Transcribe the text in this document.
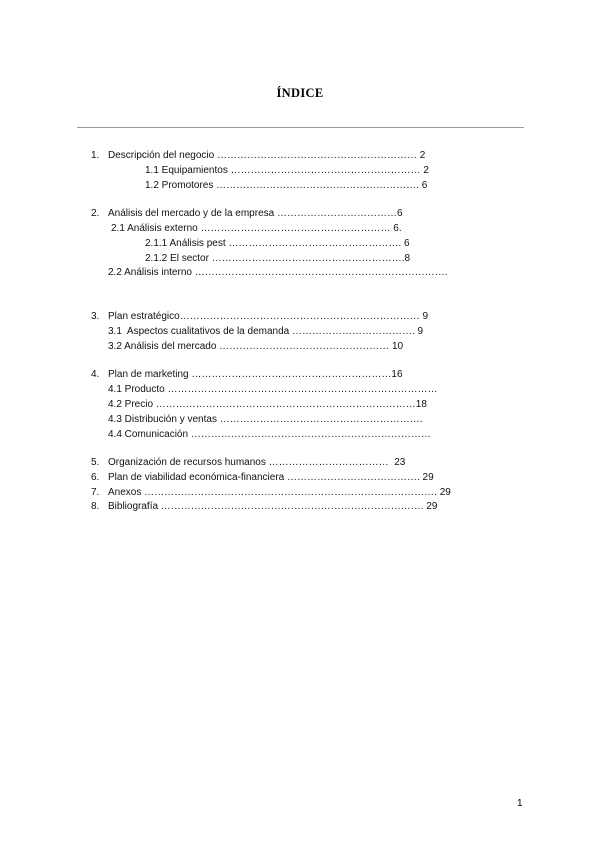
ÍNDICE
1. Descripción del negocio …………………………………………………… 2
1.1 Equipamientos ………………………………………………… 2
1.2 Promotores ……………………………………………………. 6
2. Análisis del mercado y de la empresa ………………………………6
2.1 Análisis externo ………………………………………………… 6.
2.1.1 Análisis pest ……………………………………………. 6
2.1.2 El sector ………………………………………………….8
2.2 Análisis interno ………………………………………………………………….
3. Plan estratégico……………………………………………………………… 9
3.1  Aspectos cualitativos de la demanda ………………………………. 9
3.2 Análisis del mercado …………………………………………… 10
4. Plan de marketing ……………………………………………………16
4.1 Producto ………………………………………………………………………
4.2 Precio ……………………………………………………………………18
4.3 Distribución y ventas …………………………………………………….
4.4 Comunicación ………………………………………………………………
5. Organización de recursos humanos ………………………………  23
6. Plan de viabilidad económica-financiera …………………………………. 29
7. Anexos ……………………………………………………………………………. 29
8. Bibliografía ……………………………………………………………………. 29
1
